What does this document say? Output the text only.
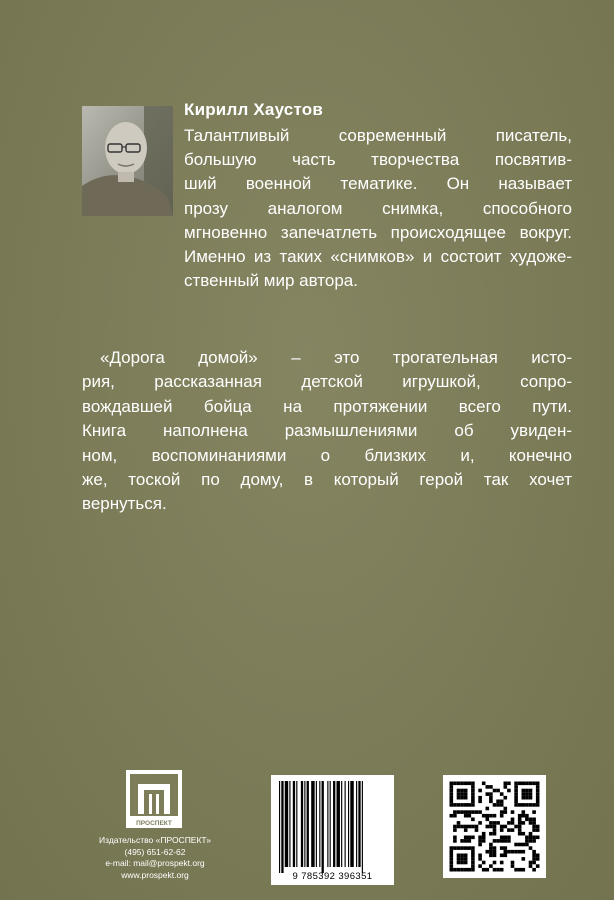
Кирилл Хаустов
Талантливый современный писатель,
большую часть творчества посвятив-
ший военной тематике. Он называет
прозу аналогом снимка, способного
мгновенно запечатлеть происходящее вокруг.
Именно из таких «снимков» и состоит художе-
ственный мир автора.
«Дорога домой» – это трогательная исто-
рия, рассказанная детской игрушкой, сопро-
вождавшей бойца на протяжении всего пути.
Книга наполнена размышлениями об увиден-
ном, воспоминаниями о близких и, конечно
же, тоской по дому, в который герой так хочет
вернуться.
ПРОСПЕКТ
Издательство «ПРОСПЕКТ»
(495) 651-62-62
e-mail: mail@prospekt.org
www.prospekt.org	9 785392 396351
